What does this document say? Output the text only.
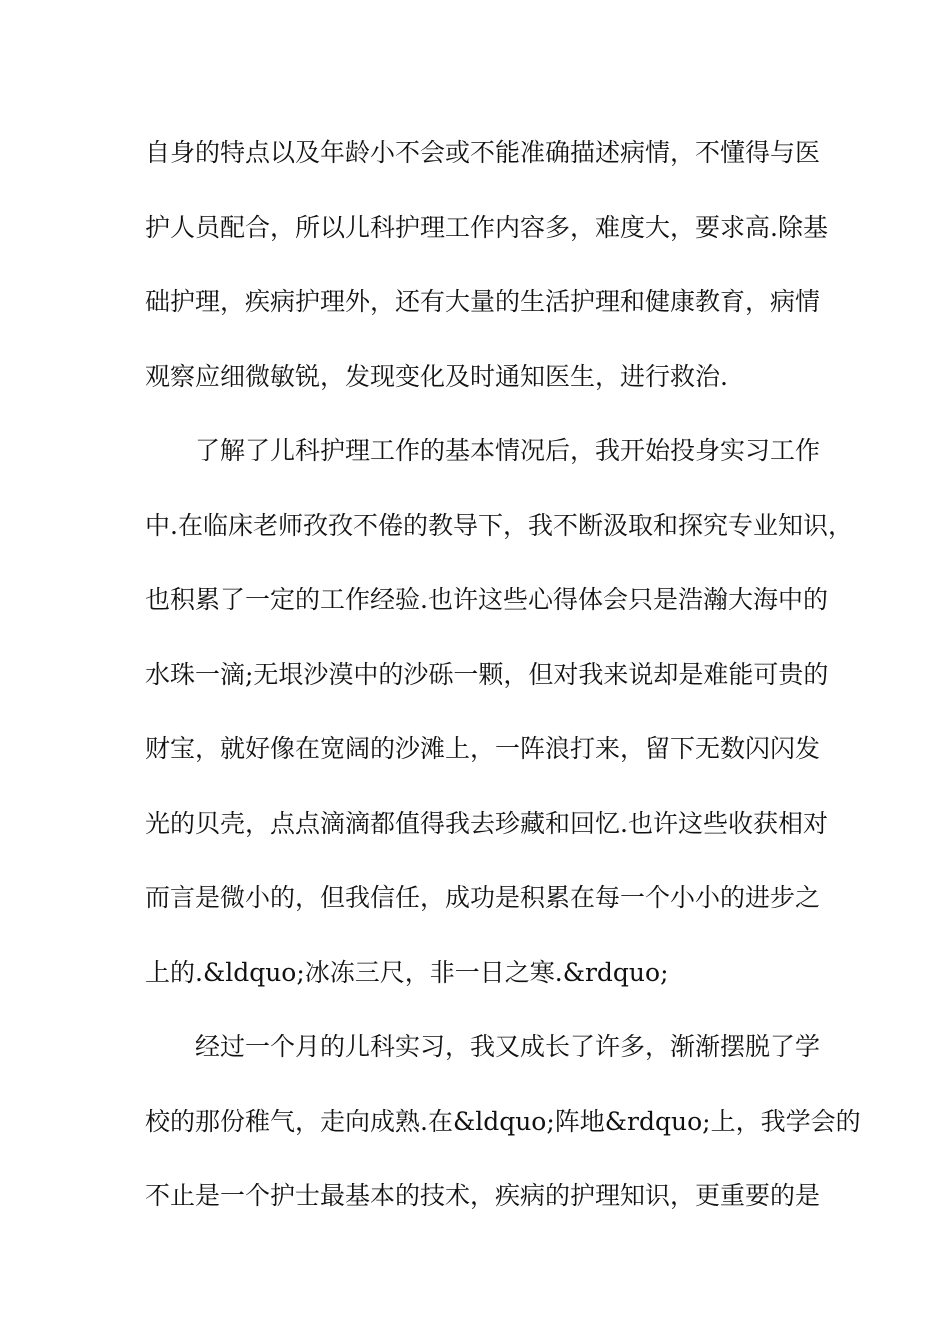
自身的特点以及年龄小不会或不能准确描述病情，不懂得与医
护人员配合，所以儿科护理工作内容多，难度大，要求高.除基
础护理，疾病护理外，还有大量的生活护理和健康教育，病情
观察应细微敏锐，发现变化及时通知医生，进行救治.
了解了儿科护理工作的基本情况后，我开始投身实习工作
中.在临床老师孜孜不倦的教导下，我不断汲取和探究专业知识，
也积累了一定的工作经验.也许这些心得体会只是浩瀚大海中的
水珠一滴;无垠沙漠中的沙砾一颗，但对我来说却是难能可贵的
财宝，就好像在宽阔的沙滩上，一阵浪打来，留下无数闪闪发
光的贝壳，点点滴滴都值得我去珍藏和回忆.也许这些收获相对
而言是微小的，但我信任，成功是积累在每一个小小的进步之
上的.&ldquo;冰冻三尺，非一日之寒.&rdquo;
经过一个月的儿科实习，我又成长了许多，渐渐摆脱了学
校的那份稚气，走向成熟.在&ldquo;阵地&rdquo;上，我学会的
不止是一个护士最基本的技术，疾病的护理知识，更重要的是
